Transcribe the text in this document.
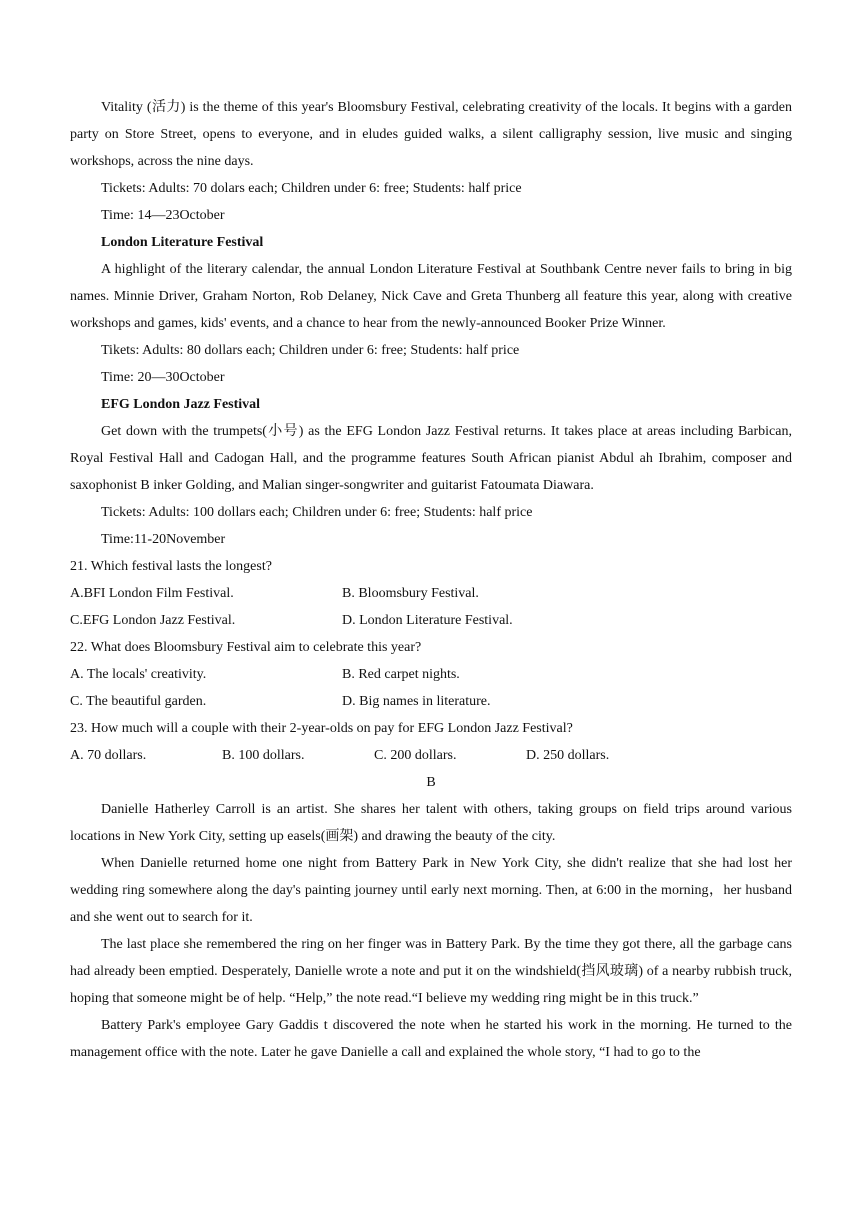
Vitality (活力) is the theme of this year's Bloomsbury Festival, celebrating creativity of the locals. It begins with a garden party on Store Street, opens to everyone, and in eludes guided walks, a silent calligraphy session, live music and singing workshops, across the nine days.

Tickets: Adults: 70 dolars each; Children under 6: free; Students: half price

Time: 14—23October

London Literature Festival

A highlight of the literary calendar, the annual London Literature Festival at Southbank Centre never fails to bring in big names. Minnie Driver, Graham Norton, Rob Delaney, Nick Cave and Greta Thunberg all feature this year, along with creative workshops and games, kids' events, and a chance to hear from the newly-announced Booker Prize Winner.

Tikets: Adults: 80 dollars each; Children under 6: free; Students: half price

Time: 20—30October

EFG London Jazz Festival

Get down with the trumpets(小号) as the EFG London Jazz Festival returns. It takes place at areas including Barbican, Royal Festival Hall and Cadogan Hall, and the programme features South African pianist Abdul ah Ibrahim, composer and saxophonist B inker Golding, and Malian singer-songwriter and guitarist Fatoumata Diawara.

Tickets: Adults: 100 dollars each; Children under 6: free; Students: half price

Time:11-20November

21. Which festival lasts the longest?

A.BFI London Film Festival.	B. Bloomsbury Festival.
C.EFG London Jazz Festival.	D. London Literature Festival.

22. What does Bloomsbury Festival aim to celebrate this year?

A. The locals' creativity.	B. Red carpet nights.
C. The beautiful garden.	D. Big names in literature.

23. How much will a couple with their 2-year-olds on pay for EFG London Jazz Festival?

A. 70 dollars.	B. 100 dollars.	C. 200 dollars.	D. 250 dollars.

B

Danielle Hatherley Carroll is an artist. She shares her talent with others, taking groups on field trips around various locations in New York City, setting up easels(画架) and drawing the beauty of the city.

When Danielle returned home one night from Battery Park in New York City, she didn't realize that she had lost her wedding ring somewhere along the day's painting journey until early next morning. Then, at 6:00 in the morning，her husband and she went out to search for it.

The last place she remembered the ring on her finger was in Battery Park. By the time they got there, all the garbage cans had already been emptied. Desperately, Danielle wrote a note and put it on the windshield(挡风玻璃) of a nearby rubbish truck, hoping that someone might be of help. “Help,” the note read.“I believe my wedding ring might be in this truck.”

Battery Park's employee Gary Gaddis t discovered the note when he started his work in the morning. He turned to the management office with the note. Later he gave Danielle a call and explained the whole story, “I had to go to the
